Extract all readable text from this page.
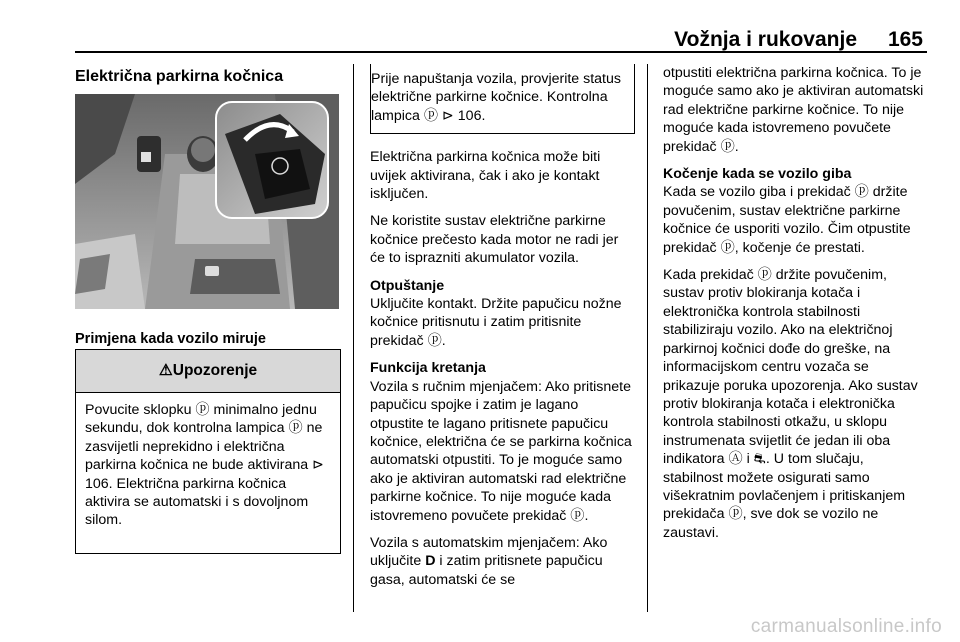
Vožnja i rukovanje 165
Električna parkirna kočnica
Primjena kada vozilo miruje
⚠Upozorenje
Povucite sklopku ⓟ minimalno jednu sekundu, dok kontrolna lampica ⓟ ne zasvijetli neprekidno i električna parkirna kočnica ne bude aktivirana ⊳ 106. Električna parkirna kočnica aktivira se automatski i s dovoljnom silom.
Prije napuštanja vozila, provjerite status električne parkirne kočnice. Kontrolna lampica ⓟ ⊳ 106.

Električna parkirna kočnica može biti uvijek aktivirana, čak i ako je kontakt isključen.

Ne koristite sustav električne parkirne kočnice prečesto kada motor ne radi jer će to isprazniti akumulator vozila.

Otpuštanje

Uključite kontakt. Držite papučicu nožne kočnice pritisnutu i zatim pritisnite prekidač ⓟ.

Funkcija kretanja

Vozila s ručnim mjenjačem: Ako pritisnete papučicu spojke i zatim je lagano otpustite te lagano pritisnete papučicu kočnice, električna će se parkirna kočnica automatski otpustiti. To je moguće samo ako je aktiviran automatski rad električne parkirne kočnice. To nije moguće kada istovremeno povučete prekidač ⓟ.

Vozila s automatskim mjenjačem: Ako uključite D i zatim pritisnete papučicu gasa, automatski će se

otpustiti električna parkirna kočnica. To je moguće samo ako je aktiviran automatski rad električne parkirne kočnice. To nije moguće kada istovremeno povučete prekidač ⓟ.

Kočenje kada se vozilo giba

Kada se vozilo giba i prekidač ⓟ držite povučenim, sustav električne parkirne kočnice će usporiti vozilo. Čim otpustite prekidač ⓟ, kočenje će prestati.

Kada prekidač ⓟ držite povučenim, sustav protiv blokiranja kotača i elektronička kontrola stabilnosti stabiliziraju vozilo. Ako na električnoj parkirnoj kočnici dođe do greške, na informacijskom centru vozača se prikazuje poruka upozorenja. Ako sustav protiv blokiranja kotača i elektronička kontrola stabilnosti otkažu, u sklopu instrumenata svijetlit će jedan ili oba indikatora Ⓐ i ⛐. U tom slučaju, stabilnost možete osigurati samo višekratnim povlačenjem i pritiskanjem prekidača ⓟ, sve dok se vozilo ne zaustavi.

carmanualsonline.info
